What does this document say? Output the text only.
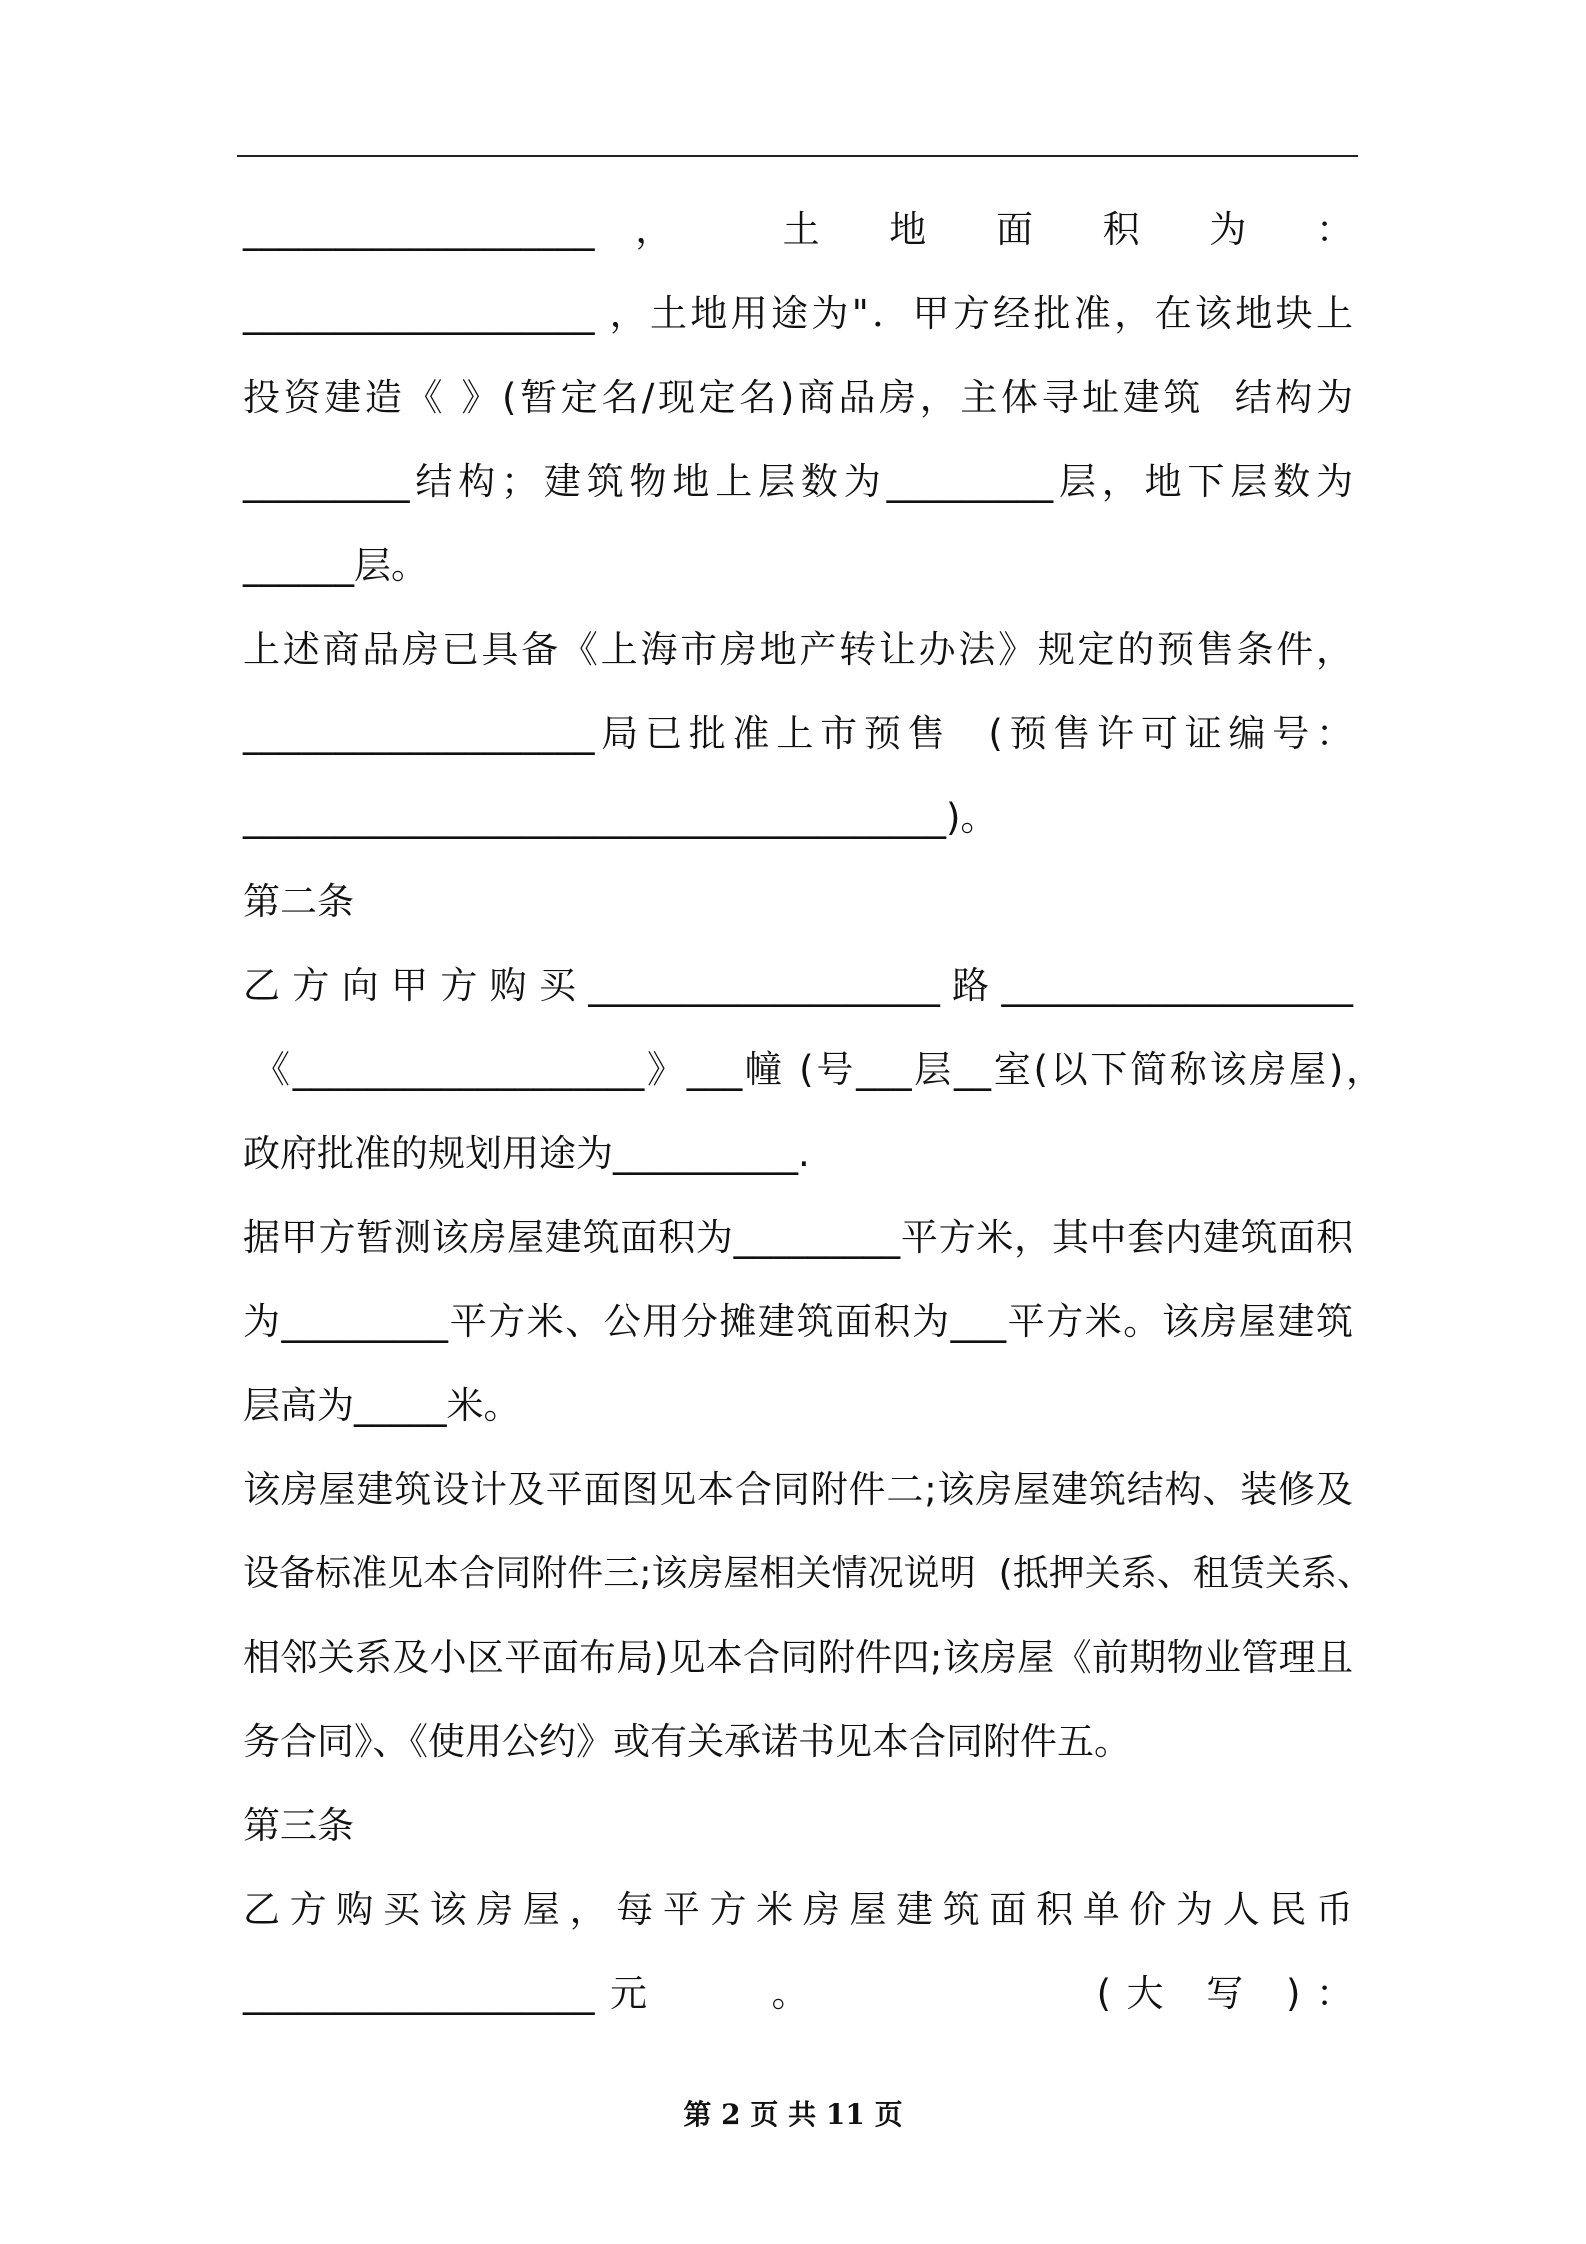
___________________ ，  土 地 面 积 为 ：
___________________ ，土地用途为"．甲方经批准，在该地块上
投资建造《 》(暂定名/现定名)商品房，主体寻址建筑  结构为
_________结构；建筑物地上层数为_________层，地下层数为
______层。
上述商品房已具备《上海市房地产转让办法》规定的预售条件，
___________________局已批准上市预售  (预售许可证编号：
______________________________________)。
第二条
乙方向甲方购买___________________路___________________
《___________________》___幢 (号___层__室(以下简称该房屋)，
政府批准的规划用途为__________.
据甲方暂测该房屋建筑面积为_________平方米，其中套内建筑面积
为_________平方米、公用分摊建筑面积为___平方米。该房屋建筑
层高为_____米。
该房屋建筑设计及平面图见本合同附件二;该房屋建筑结构、装修及
设备标准见本合同附件三;该房屋相关情况说明  (抵押关系、租赁关系、
相邻关系及小区平面布局)见本合同附件四;该房屋《前期物业管理且
务合同》、《使用公约》或有关承诺书见本合同附件五。
第三条
乙方购买该房屋，每平方米房屋建筑面积单价为人民币
___________________元    。          (大 写 )：
第 2 页 共 11 页
